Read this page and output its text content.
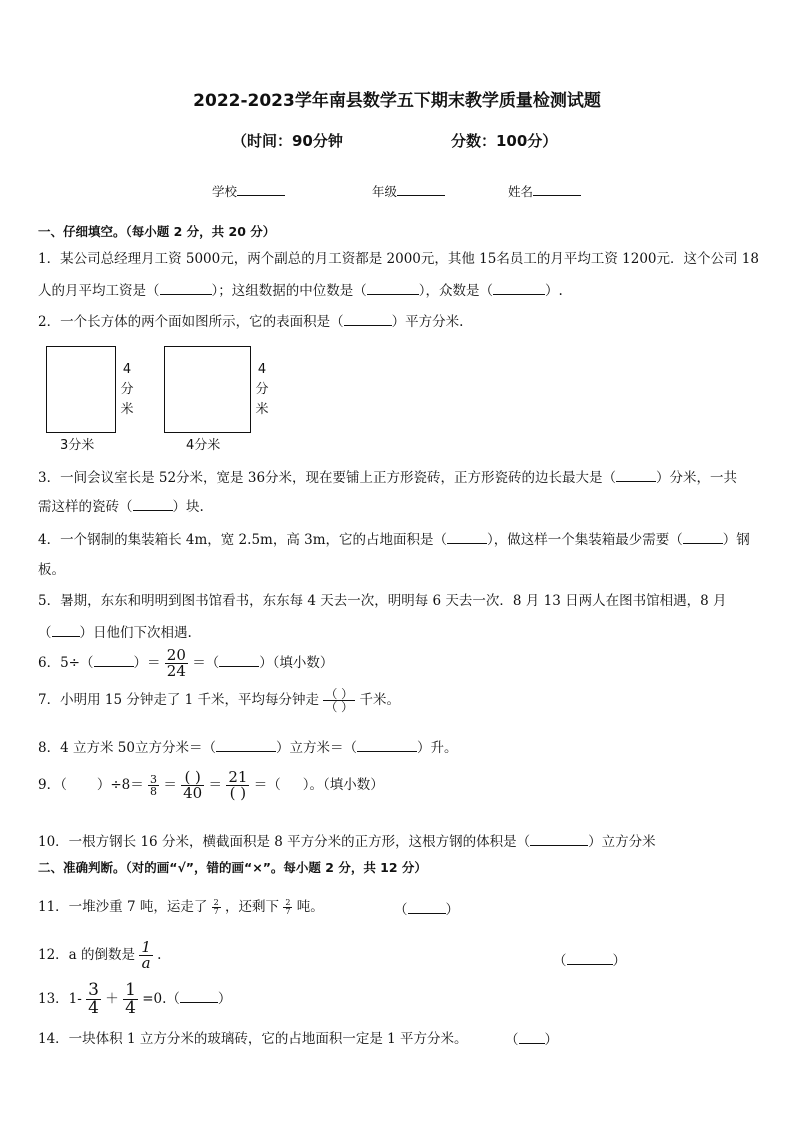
2022-2023学年南县数学五下期末教学质量检测试题
（时间：90分钟	分数：100分）
学校	年级	姓名
一、仔细填空。（每小题 2 分，共 20 分）
1．某公司总经理月工资 5000元，两个副总的月工资都是 2000元，其他 15名员工的月平均工资 1200元．这个公司 18
人的月平均工资是（	）；这组数据的中位数是（	），众数是（	）.
2．一个长方体的两个面如图所示，它的表面积是（	）平方分米.
3分米
4
分
米
4分米
4
分
米
3．一间会议室长是 52分米，宽是 36分米，现在要铺上正方形瓷砖，正方形瓷砖的边长最大是（	）分米，一共
需这样的瓷砖（	）块.
4．一个钢制的集装箱长 4m，宽 2.5m，高 3m，它的占地面积是（	），做这样一个集装箱最少需要（	）钢
板。
5．暑期，东东和明明到图书馆看书，东东每 4 天去一次，明明每 6 天去一次．8 月 13 日两人在图书馆相遇，8 月
（ ）日他们下次相遇.
6．5÷（	）＝ $\frac{20}{24}$ ＝（	）（填小数）
7．小明用 15 分钟走了 1 千米，平均每分钟走 $\frac{( )}{( )}$ 千米。
8．4 立方米 50立方分米＝（	）立方米＝（	）升。
9．（ ）$\div 8= \frac{3}{8} = \frac{( )}{40} = \frac{21}{( )}$ ＝（ ）。（填小数）
10．一根方钢长 16 分米，横截面积是 8 平方分米的正方形，这根方钢的体积是（	）立方分米
二、准确判断。（对的画“√”，错的画“×”。每小题 2 分，共 12 分）
11．一堆沙重 7 吨，运走了 $\frac{2}{7}$ ，还剩下 $\frac{2}{7}$ 吨。	（	）
12．a 的倒数是 $\frac{1}{a}$ .	（	）
13．$1- \frac{3}{4} + \frac{1}{4} =0$.（	）
14．一块体积 1 立方分米的玻璃砖，它的占地面积一定是 1 平方分米。	（ ）
